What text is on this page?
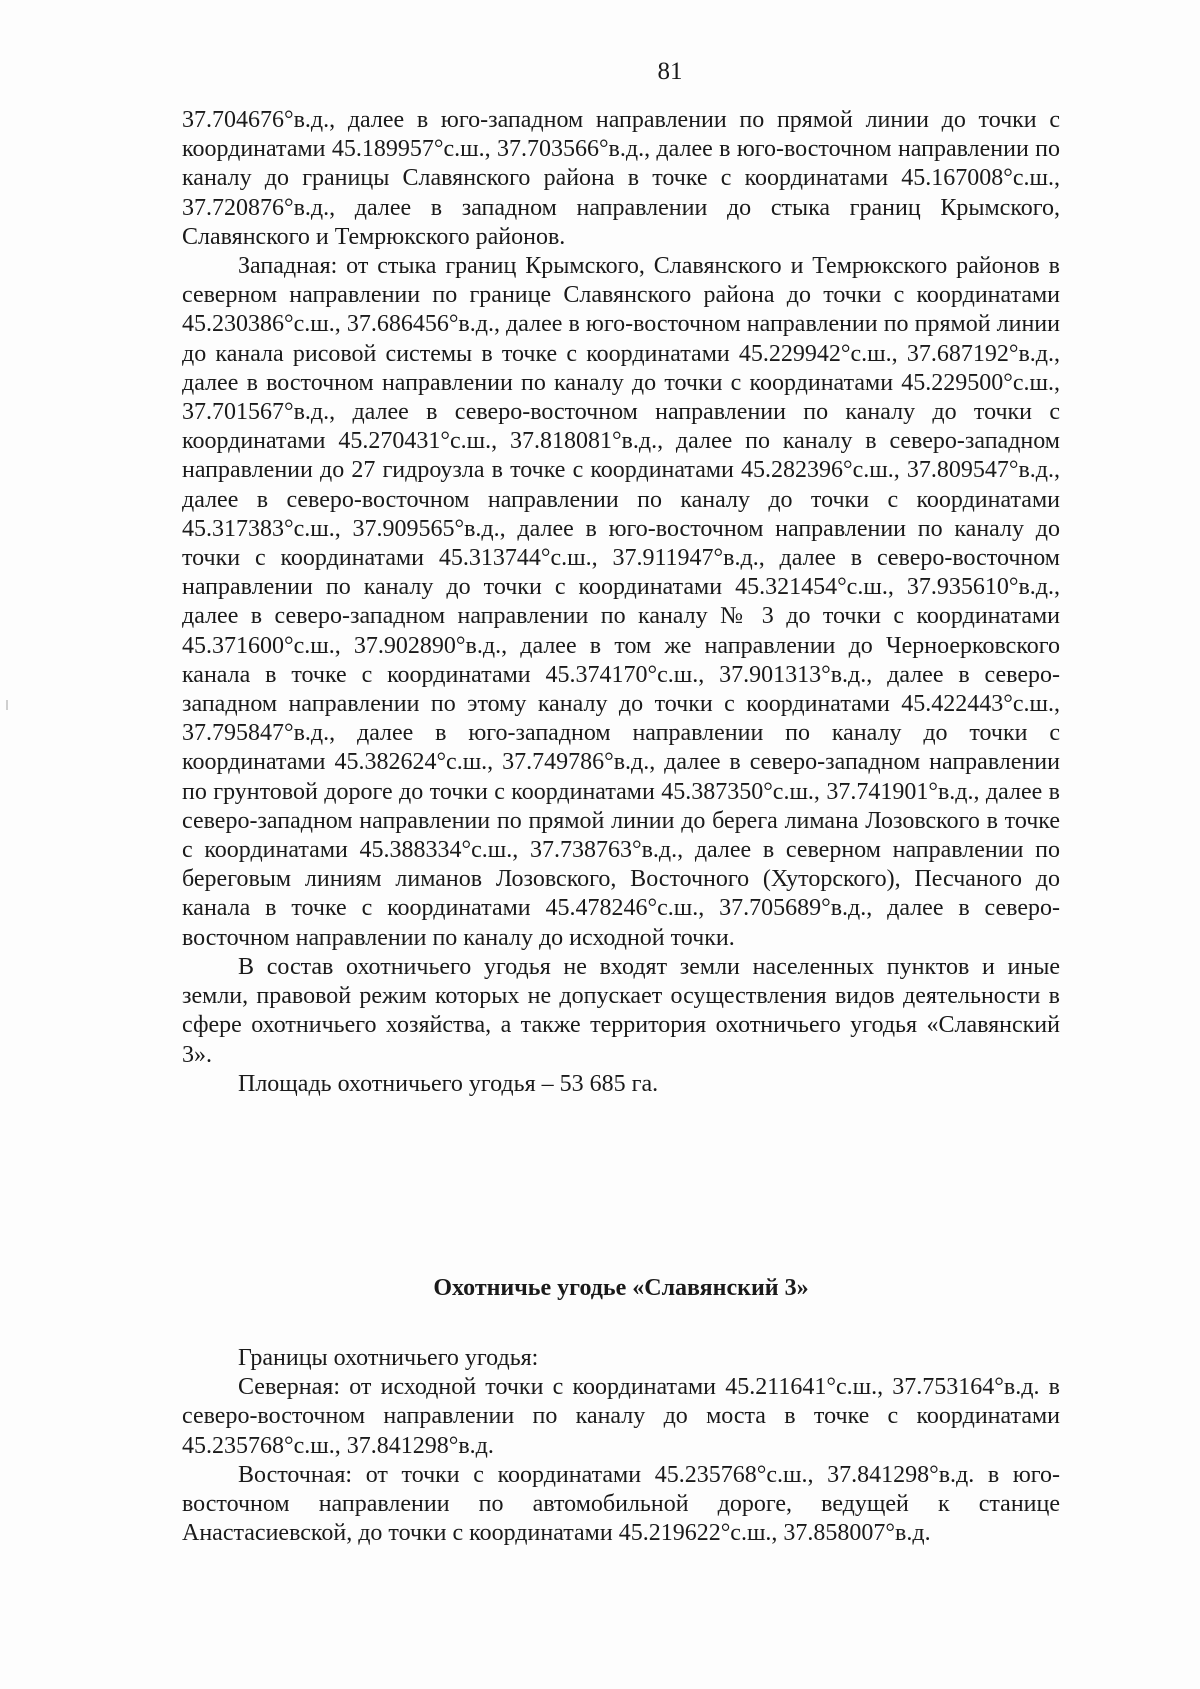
81

37.704676°в.д., далее в юго-западном направлении по прямой линии до точки с координатами 45.189957°с.ш., 37.703566°в.д., далее в юго-восточном направлении по каналу до границы Славянского района в точке с координатами 45.167008°с.ш., 37.720876°в.д., далее в западном направлении до стыка границ Крымского, Славянского и Темрюкского районов.

Западная: от стыка границ Крымского, Славянского и Темрюкского районов в северном направлении по границе Славянского района до точки с координатами 45.230386°с.ш., 37.686456°в.д., далее в юго-восточном направлении по прямой линии до канала рисовой системы в точке с координатами 45.229942°с.ш., 37.687192°в.д., далее в восточном направлении по каналу до точки с координатами 45.229500°с.ш., 37.701567°в.д., далее в северо-восточном направлении по каналу до точки с координатами 45.270431°с.ш., 37.818081°в.д., далее по каналу в северо-западном направлении до 27 гидроузла в точке с координатами 45.282396°с.ш., 37.809547°в.д., далее в северо-восточном направлении по каналу до точки с координатами 45.317383°с.ш., 37.909565°в.д., далее в юго-восточном направлении по каналу до точки с координатами 45.313744°с.ш., 37.911947°в.д., далее в северо-восточном направлении по каналу до точки с координатами 45.321454°с.ш., 37.935610°в.д., далее в северо-западном направлении по каналу № 3 до точки с координатами 45.371600°с.ш., 37.902890°в.д., далее в том же направлении до Черноерковского канала в точке с координатами 45.374170°с.ш., 37.901313°в.д., далее в северо-западном направлении по этому каналу до точки с координатами 45.422443°с.ш., 37.795847°в.д., далее в юго-западном направлении по каналу до точки с координатами 45.382624°с.ш., 37.749786°в.д., далее в северо-западном направлении по грунтовой дороге до точки с координатами 45.387350°с.ш., 37.741901°в.д., далее в северо-западном направлении по прямой линии до берега лимана Лозовского в точке с координатами 45.388334°с.ш., 37.738763°в.д., далее в северном направлении по береговым линиям лиманов Лозовского, Восточного (Хуторского), Песчаного до канала в точке с координатами 45.478246°с.ш., 37.705689°в.д., далее в северо-восточном направлении по каналу до исходной точки.

В состав охотничьего угодья не входят земли населенных пунктов и иные земли, правовой режим которых не допускает осуществления видов деятельности в сфере охотничьего хозяйства, а также территория охотничьего угодья «Славянский 3».

Площадь охотничьего угодья – 53 685 га.

Охотничье угодье «Славянский 3»

Границы охотничьего угодья:

Северная: от исходной точки с координатами 45.211641°с.ш., 37.753164°в.д. в северо-восточном направлении по каналу до моста в точке с координатами 45.235768°с.ш., 37.841298°в.д.

Восточная: от точки с координатами 45.235768°с.ш., 37.841298°в.д. в юго-восточном направлении по автомобильной дороге, ведущей к станице Анастасиевской, до точки с координатами 45.219622°с.ш., 37.858007°в.д.
